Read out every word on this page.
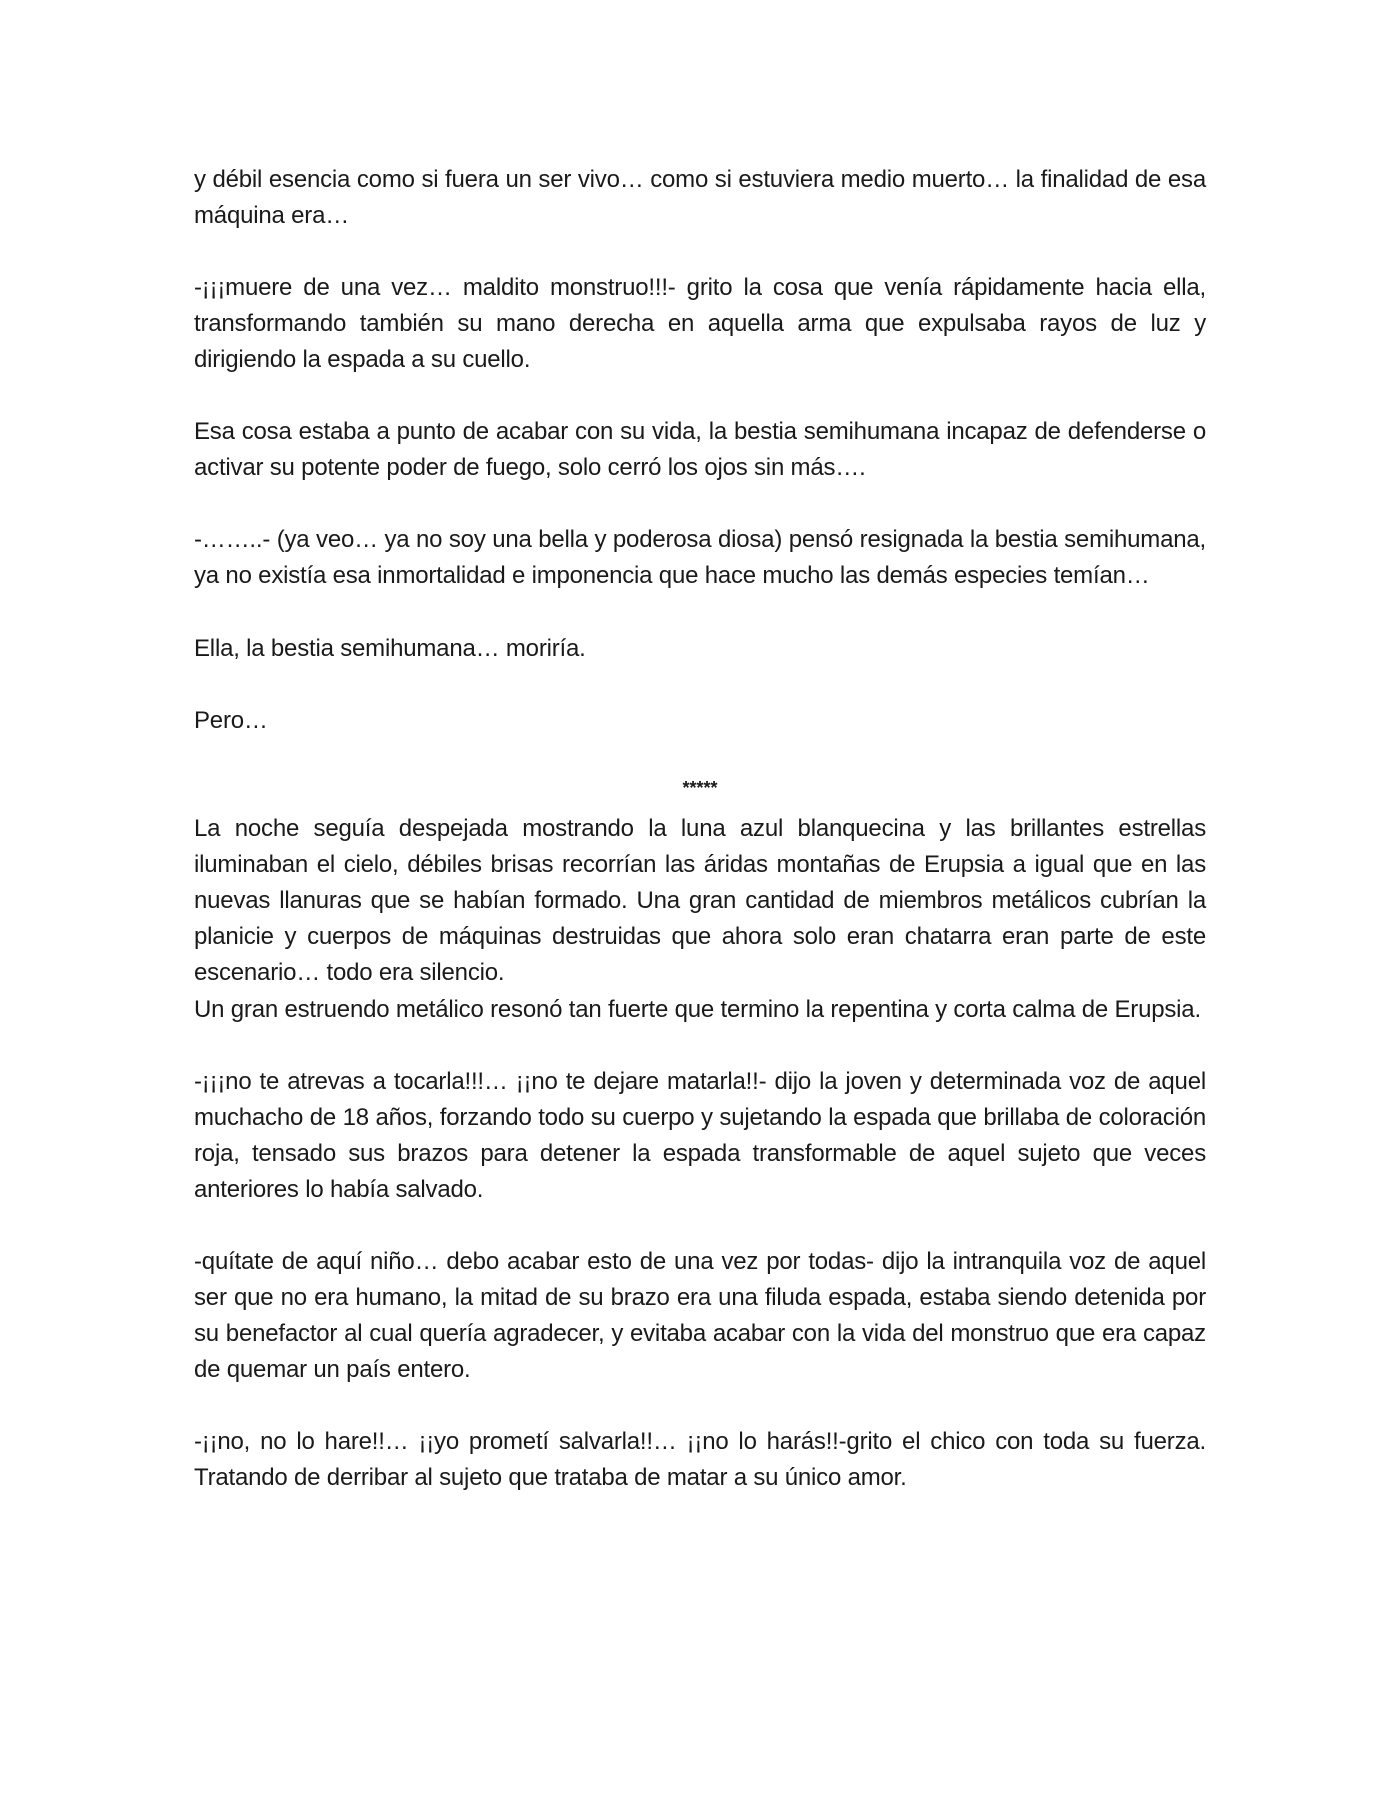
y débil esencia como si fuera un ser vivo… como si estuviera medio muerto… la finalidad de esa máquina era…

-¡¡¡muere de una vez… maldito monstruo!!!- grito la cosa que venía rápidamente hacia ella, transformando también su mano derecha en aquella arma que expulsaba rayos de luz y dirigiendo la espada a su cuello.

Esa cosa estaba a punto de acabar con su vida, la bestia semihumana incapaz de defenderse o activar su potente poder de fuego, solo cerró los ojos sin más….

-……..- (ya veo… ya no soy una bella y poderosa diosa) pensó resignada la bestia semihumana, ya no existía esa inmortalidad e imponencia que hace mucho las demás especies temían…

Ella, la bestia semihumana… moriría.

Pero…

*****

La noche seguía despejada mostrando la luna azul blanquecina y las brillantes estrellas iluminaban el cielo, débiles brisas recorrían las áridas montañas de Erupsia a igual que en las nuevas llanuras que se habían formado. Una gran cantidad de miembros metálicos cubrían la planicie y cuerpos de máquinas destruidas que ahora solo eran chatarra eran parte de este escenario… todo era silencio.

Un gran estruendo metálico resonó tan fuerte que termino la repentina y corta calma de Erupsia.

-¡¡¡no te atrevas a tocarla!!!… ¡¡no te dejare matarla!!- dijo la joven y determinada voz de aquel muchacho de 18 años, forzando todo su cuerpo y sujetando la espada que brillaba de coloración roja, tensado sus brazos para detener la espada transformable de aquel sujeto que veces anteriores lo había salvado.

-quítate de aquí niño… debo acabar esto de una vez por todas- dijo la intranquila voz de aquel ser que no era humano, la mitad de su brazo era una filuda espada, estaba siendo detenida por su benefactor al cual quería agradecer, y evitaba acabar con la vida del monstruo que era capaz de quemar un país entero.

-¡¡no, no lo hare!!… ¡¡yo prometí salvarla!!… ¡¡no lo harás!!-grito el chico con toda su fuerza. Tratando de derribar al sujeto que trataba de matar a su único amor.
